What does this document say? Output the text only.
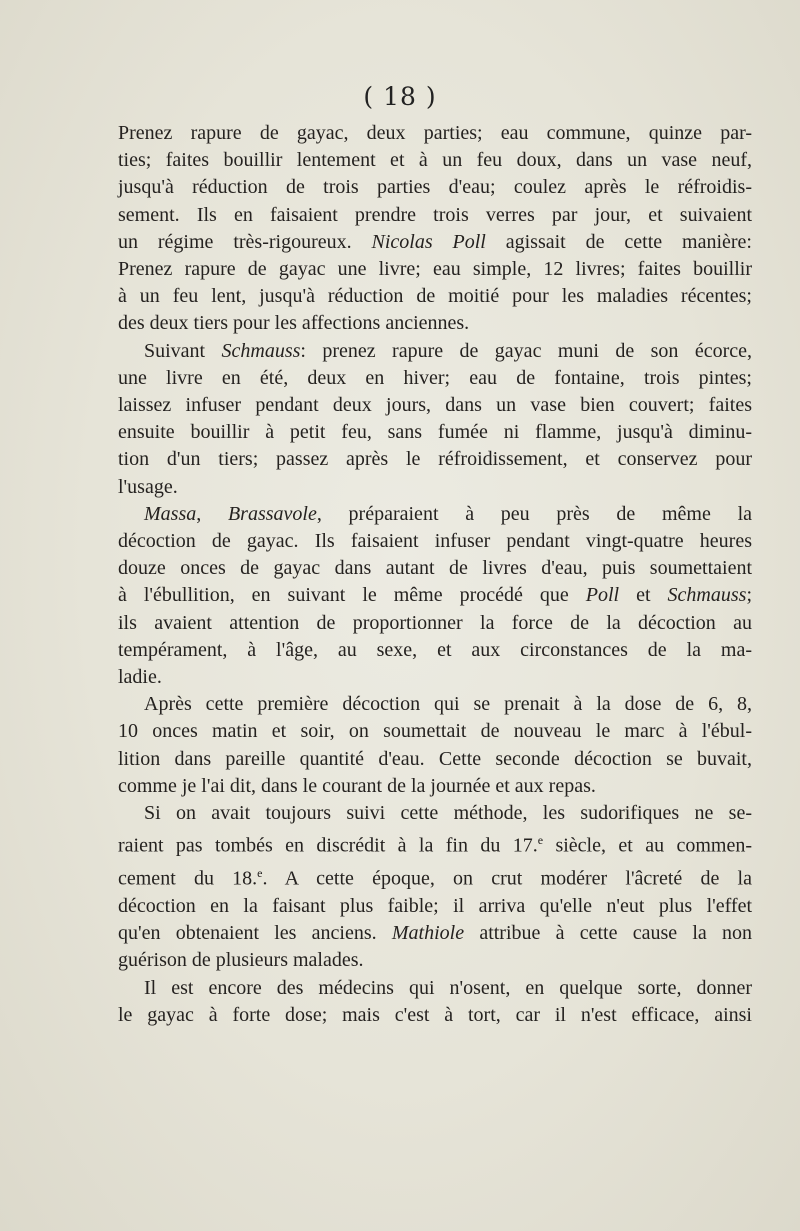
( 18 )
Prenez rapure de gayac, deux parties; eau commune, quinze par-
ties; faites bouillir lentement et à un feu doux, dans un vase neuf,
jusqu'à réduction de trois parties d'eau; coulez après le réfroidis-
sement. Ils en faisaient prendre trois verres par jour, et suivaient
un régime très-rigoureux. Nicolas Poll agissait de cette manière:
Prenez rapure de gayac une livre; eau simple, 12 livres; faites bouillir
à un feu lent, jusqu'à réduction de moitié pour les maladies récentes;
des deux tiers pour les affections anciennes.
Suivant Schmauss: prenez rapure de gayac muni de son écorce,
une livre en été, deux en hiver; eau de fontaine, trois pintes;
laissez infuser pendant deux jours, dans un vase bien couvert; faites
ensuite bouillir à petit feu, sans fumée ni flamme, jusqu'à diminu-
tion d'un tiers; passez après le réfroidissement, et conservez pour
l'usage.
Massa, Brassavole, préparaient à peu près de même la
décoction de gayac. Ils faisaient infuser pendant vingt-quatre heures
douze onces de gayac dans autant de livres d'eau, puis soumettaient
à l'ébullition, en suivant le même procédé que Poll et Schmauss;
ils avaient attention de proportionner la force de la décoction au
tempérament, à l'âge, au sexe, et aux circonstances de la ma-
ladie.
Après cette première décoction qui se prenait à la dose de 6, 8,
10 onces matin et soir, on soumettait de nouveau le marc à l'ébul-
lition dans pareille quantité d'eau. Cette seconde décoction se buvait,
comme je l'ai dit, dans le courant de la journée et aux repas.
Si on avait toujours suivi cette méthode, les sudorifiques ne se-
raient pas tombés en discrédit à la fin du 17.$^e$ siècle, et au commen-
cement du 18.$^e$. A cette époque, on crut modérer l'âcreté de la
décoction en la faisant plus faible; il arriva qu'elle n'eut plus l'effet
qu'en obtenaient les anciens. Mathiole attribue à cette cause la non
guérison de plusieurs malades.
Il est encore des médecins qui n'osent, en quelque sorte, donner
le gayac à forte dose; mais c'est à tort, car il n'est efficace, ainsi
